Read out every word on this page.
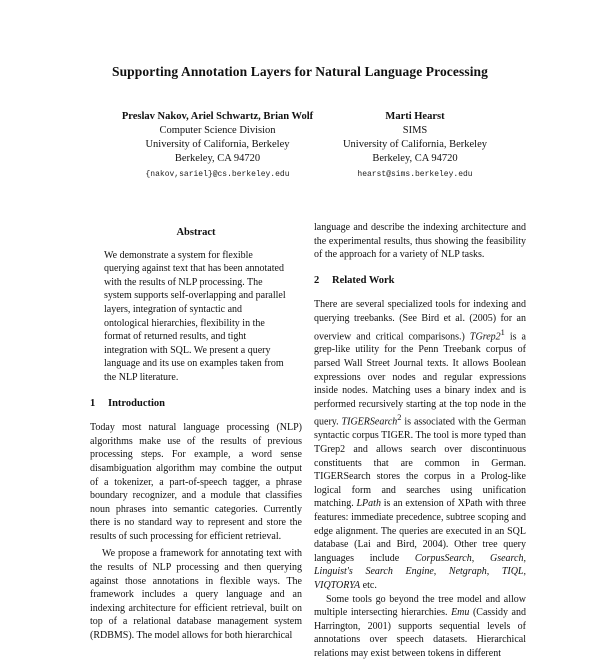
Supporting Annotation Layers for Natural Language Processing
Preslav Nakov, Ariel Schwartz, Brian Wolf
Computer Science Division
University of California, Berkeley
Berkeley, CA 94720
{nakov,sariel}@cs.berkeley.edu
Marti Hearst
SIMS
University of California, Berkeley
Berkeley, CA 94720
hearst@sims.berkeley.edu
Abstract

We demonstrate a system for flexible querying against text that has been annotated with the results of NLP processing. The system supports self-overlapping and parallel layers, integration of syntactic and ontological hierarchies, flexibility in the format of returned results, and tight integration with SQL. We present a query language and its use on examples taken from the NLP literature.

1 Introduction

Today most natural language processing (NLP) algorithms make use of the results of previous processing steps. For example, a word sense disambiguation algorithm may combine the output of a tokenizer, a part-of-speech tagger, a phrase boundary recognizer, and a module that classifies noun phrases into semantic categories. Currently there is no standard way to represent and store the results of such processing for efficient retrieval.

We propose a framework for annotating text with the results of NLP processing and then querying against those annotations in flexible ways. The framework includes a query language and an indexing architecture for efficient retrieval, built on top of a relational database management system (RDBMS). The model allows for both hierarchical

language and describe the indexing architecture and the experimental results, thus showing the feasibility of the approach for a variety of NLP tasks.

2 Related Work

There are several specialized tools for indexing and querying treebanks. (See Bird et al. (2005) for an overview and critical comparisons.) $TGrep2^1$ is a grep-like utility for the Penn Treebank corpus of parsed Wall Street Journal texts. It allows Boolean expressions over nodes and regular expressions inside nodes. Matching uses a binary index and is performed recursively starting at the top node in the query. TIGERSearch$^2$ is associated with the German syntactic corpus TIGER. The tool is more typed than TGrep2 and allows search over discontinuous constituents that are common in German. TIGERSearch stores the corpus in a Prolog-like logical form and searches using unification matching. LPath is an extension of XPath with three features: immediate precedence, subtree scoping and edge alignment. The queries are executed in an SQL database (Lai and Bird, 2004). Other tree query languages include CorpusSearch, Gsearch, Linguist's Search Engine, Netgraph, TIQL, VIQTORYA etc.

Some tools go beyond the tree model and allow multiple intersecting hierarchies. Emu (Cassidy and Harrington, 2001) supports sequential levels of annotations over speech datasets. Hierarchical relations may exist between tokens in different
